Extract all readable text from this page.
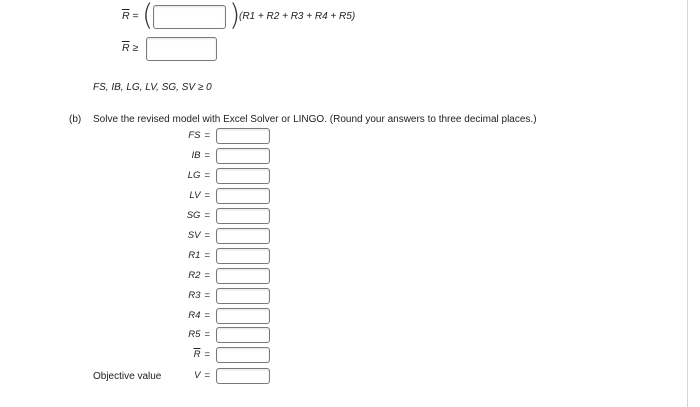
$\overline{R}$ = (	)
(R1 + R2 + R3 + R4 + R5)
$\overline{R}$ ≥
FS, IB, LG, LV, SG, SV ≥ 0
(b) Solve the revised model with Excel Solver or LINGO. (Round your answers to three decimal places.)
FS =
IB =
LG =
LV =
SG =
SV =
R1 =
R2 =
R3 =
R4 =
R5 =
$\overline{R}$ =
V =
Objective value
